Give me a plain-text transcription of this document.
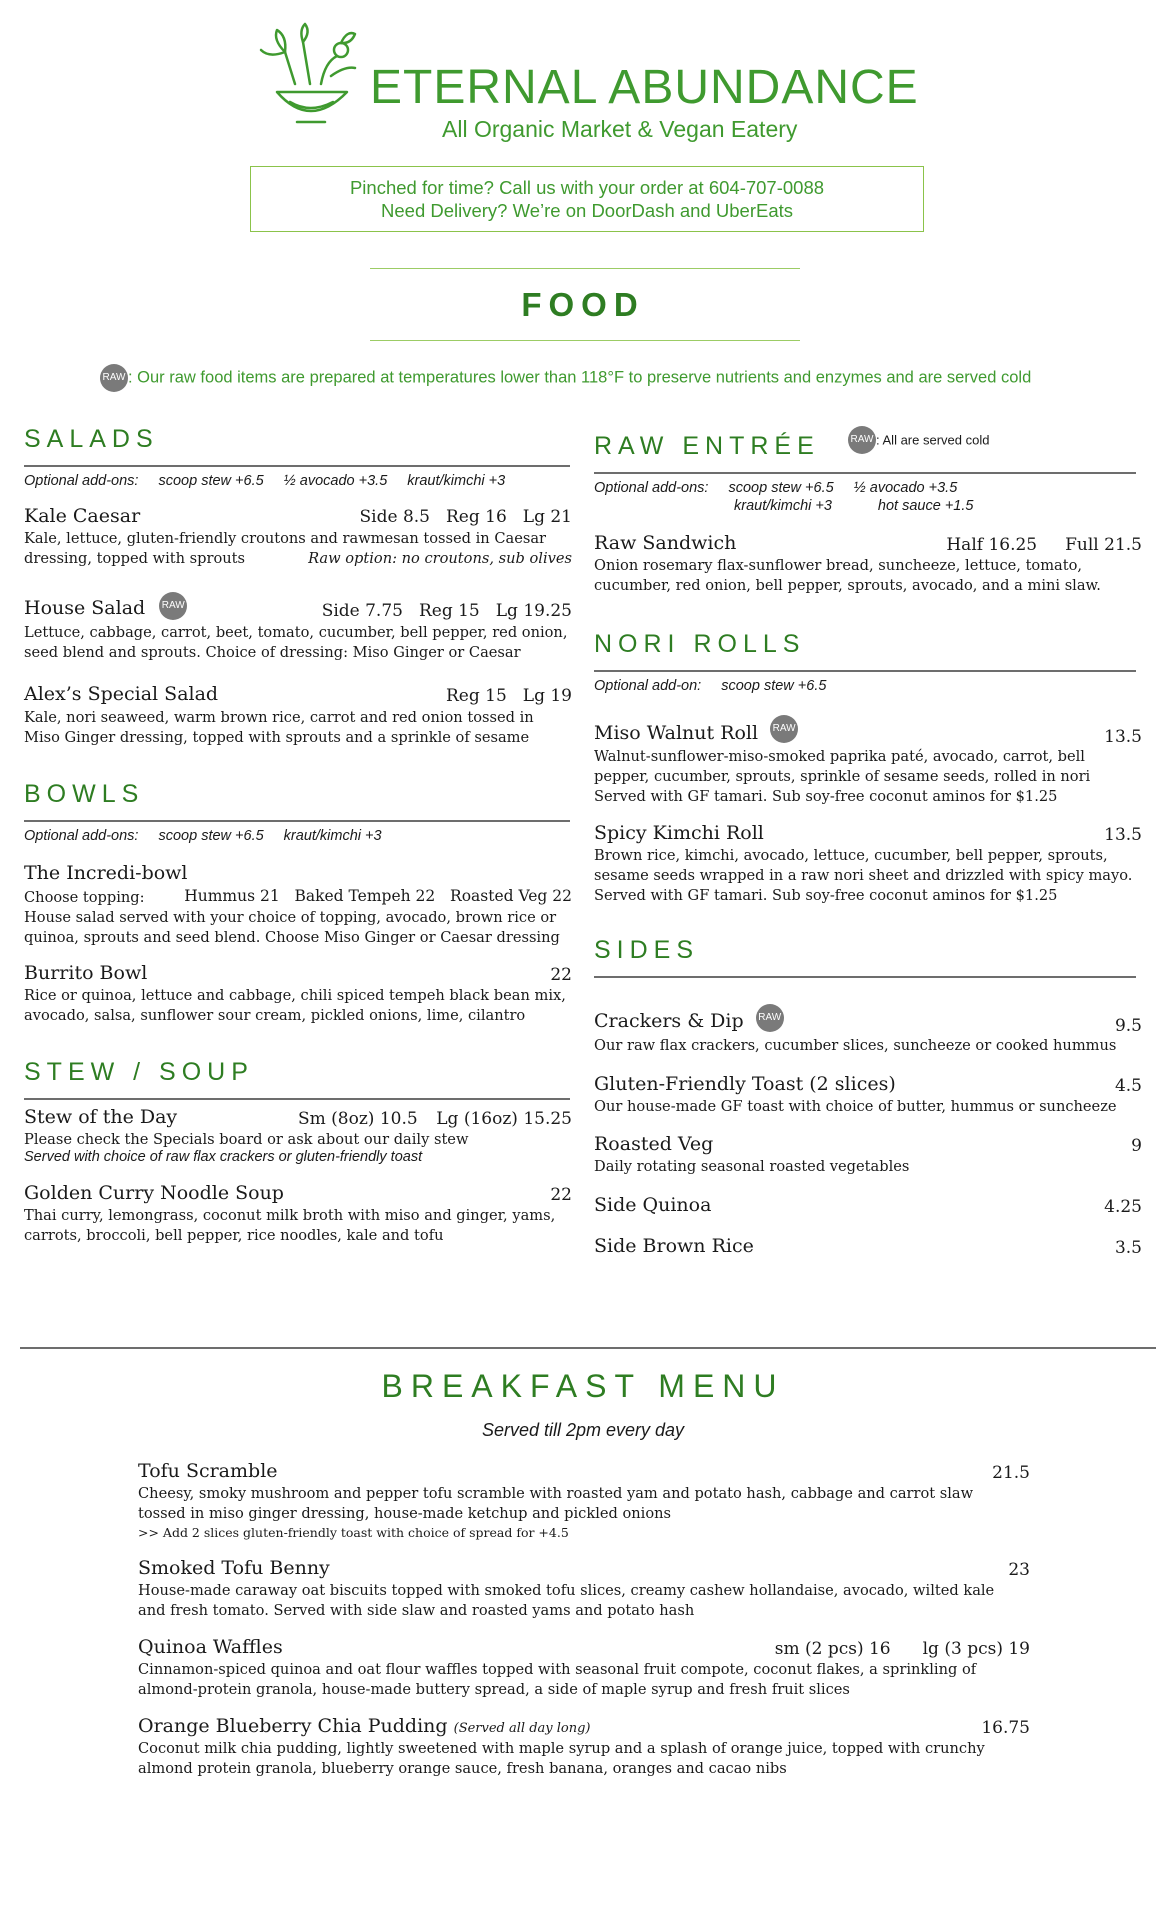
ETERNAL ABUNDANCE
All Organic Market & Vegan Eatery
Pinched for time? Call us with your order at 604-707-0088
Need Delivery? We’re on DoorDash and UberEats
FOOD
RAW : Our raw food items are prepared at temperatures lower than 118°F to preserve nutrients and enzymes and are served cold
SALADS
Optional add-ons: scoop stew +6.5 ½ avocado +3.5 kraut/kimchi +3
Kale Caesar	Side 8.5 Reg 16 Lg 21
Kale, lettuce, gluten-friendly croutons and rawmesan tossed in Caesar
dressing, topped with sprouts	Raw option: no croutons, sub olives
House Salad RAW	Side 7.75 Reg 15 Lg 19.25
Lettuce, cabbage, carrot, beet, tomato, cucumber, bell pepper, red onion,
seed blend and sprouts. Choice of dressing: Miso Ginger or Caesar
Alex’s Special Salad	Reg 15 Lg 19
Kale, nori seaweed, warm brown rice, carrot and red onion tossed in
Miso Ginger dressing, topped with sprouts and a sprinkle of sesame
BOWLS
Optional add-ons: scoop stew +6.5 kraut/kimchi +3
The Incredi-bowl
Choose topping:	Hummus 21 Baked Tempeh 22 Roasted Veg 22
House salad served with your choice of topping, avocado, brown rice or
quinoa, sprouts and seed blend. Choose Miso Ginger or Caesar dressing
Burrito Bowl	22
Rice or quinoa, lettuce and cabbage, chili spiced tempeh black bean mix,
avocado, salsa, sunflower sour cream, pickled onions, lime, cilantro
STEW / SOUP
Stew of the Day	Sm (8oz) 10.5 Lg (16oz) 15.25
Please check the Specials board or ask about our daily stew
Served with choice of raw flax crackers or gluten-friendly toast
Golden Curry Noodle Soup	22
Thai curry, lemongrass, coconut milk broth with miso and ginger, yams,
carrots, broccoli, bell pepper, rice noodles, kale and tofu
RAW ENTRÉE	RAW : All are served cold
Optional add-ons: scoop stew +6.5 ½ avocado +3.5
kraut/kimchi +3	hot sauce +1.5
Raw Sandwich	Half 16.25 Full 21.5
Onion rosemary flax-sunflower bread, suncheeze, lettuce, tomato,
cucumber, red onion, bell pepper, sprouts, avocado, and a mini slaw.
NORI ROLLS
Optional add-on: scoop stew +6.5
Miso Walnut Roll RAW	13.5
Walnut-sunflower-miso-smoked paprika paté, avocado, carrot, bell
pepper, cucumber, sprouts, sprinkle of sesame seeds, rolled in nori
Served with GF tamari. Sub soy-free coconut aminos for $1.25
Spicy Kimchi Roll	13.5
Brown rice, kimchi, avocado, lettuce, cucumber, bell pepper, sprouts,
sesame seeds wrapped in a raw nori sheet and drizzled with spicy mayo.
Served with GF tamari. Sub soy-free coconut aminos for $1.25
SIDES
Crackers & Dip RAW	9.5
Our raw flax crackers, cucumber slices, suncheeze or cooked hummus
Gluten-Friendly Toast (2 slices)	4.5
Our house-made GF toast with choice of butter, hummus or suncheeze
Roasted Veg	9
Daily rotating seasonal roasted vegetables
Side Quinoa	4.25
Side Brown Rice	3.5
BREAKFAST MENU
Served till 2pm every day
Tofu Scramble	21.5
Cheesy, smoky mushroom and pepper tofu scramble with roasted yam and potato hash, cabbage and carrot slaw
tossed in miso ginger dressing, house-made ketchup and pickled onions
>> Add 2 slices gluten-friendly toast with choice of spread for +4.5
Smoked Tofu Benny	23
House-made caraway oat biscuits topped with smoked tofu slices, creamy cashew hollandaise, avocado, wilted kale
and fresh tomato. Served with side slaw and roasted yams and potato hash
Quinoa Waffles	sm (2 pcs) 16 lg (3 pcs) 19
Cinnamon-spiced quinoa and oat flour waffles topped with seasonal fruit compote, coconut flakes, a sprinkling of
almond-protein granola, house-made buttery spread, a side of maple syrup and fresh fruit slices
Orange Blueberry Chia Pudding (Served all day long)	16.75
Coconut milk chia pudding, lightly sweetened with maple syrup and a splash of orange juice, topped with crunchy
almond protein granola, blueberry orange sauce, fresh banana, oranges and cacao nibs
